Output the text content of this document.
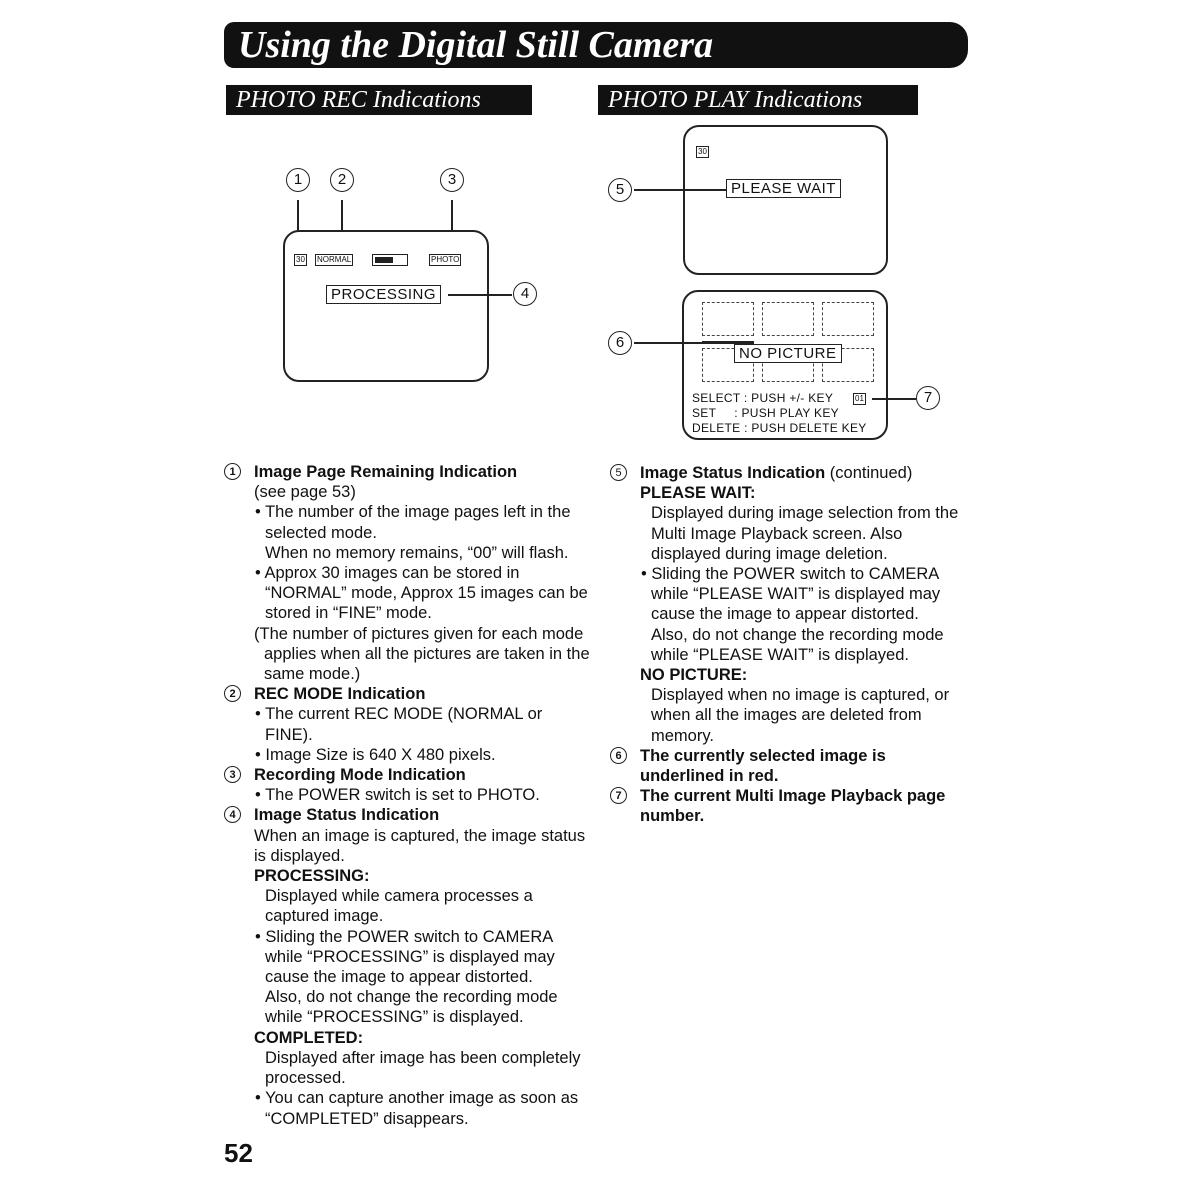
Using the Digital Still Camera
PHOTO REC Indications	PHOTO PLAY Indications
1	2	3
30 NORMAL	PHOTO
PROCESSING	4
30
5	PLEASE WAIT
NO PICTURE
6
SELECT : PUSH +/- KEY
SET     : PUSH PLAY KEY
DELETE : PUSH DELETE KEY
01	7

1	Image Page Remaining Indication

(see page 53)

• The number of the image pages left in the selected mode.

When no memory remains, “00” will flash.

• Approx 30 images can be stored in “NORMAL” mode, Approx 15 images can be stored in “FINE” mode.

(The number of pictures given for each mode applies when all the pictures are taken in the same mode.)

2	REC MODE Indication

• The current REC MODE (NORMAL or FINE).

• Image Size is 640 X 480 pixels.

3	Recording Mode Indication

• The POWER switch is set to PHOTO.

4	Image Status Indication

When an image is captured, the image status is displayed.

PROCESSING:

Displayed while camera processes a captured image.

• Sliding the POWER switch to CAMERA while “PROCESSING” is displayed may cause the image to appear distorted.

Also, do not change the recording mode while “PROCESSING” is displayed.

COMPLETED:

Displayed after image has been completely processed.

• You can capture another image as soon as “COMPLETED” disappears.

5	Image Status Indication (continued)

PLEASE WAIT:

Displayed during image selection from the Multi Image Playback screen. Also displayed during image deletion.

• Sliding the POWER switch to CAMERA while “PLEASE WAIT” is displayed may cause the image to appear distorted.

Also, do not change the recording mode while “PLEASE WAIT” is displayed.

NO PICTURE:

Displayed when no image is captured, or when all the images are deleted from memory.

6	The currently selected image is underlined in red.

7	The current Multi Image Playback page number.

52
